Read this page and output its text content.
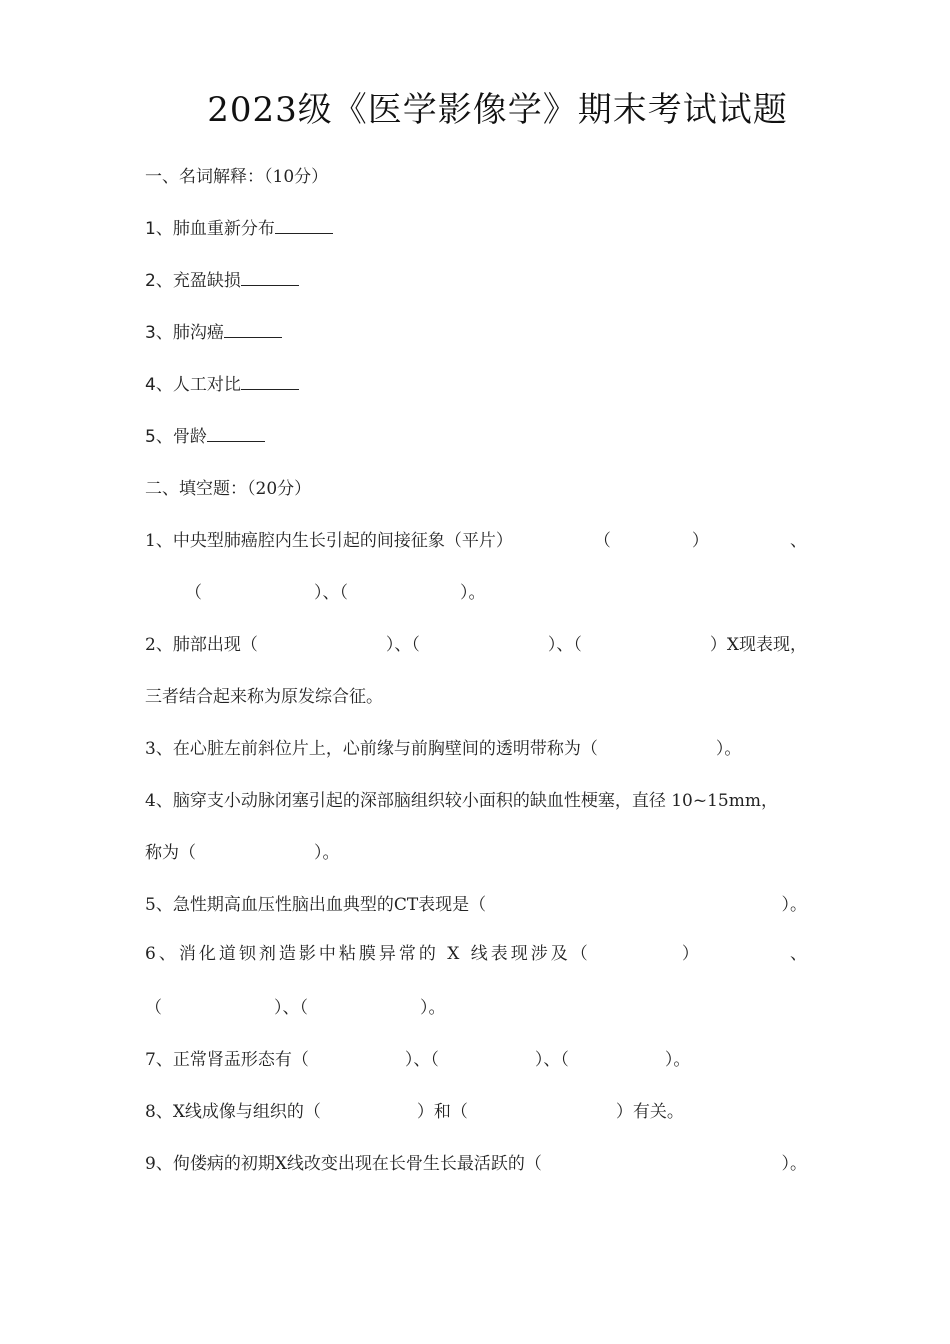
2023级《医学影像学》期末考试试题
一、名词解释：（10分）
1、肺血重新分布
2、充盈缺损
3、肺沟癌
4、人工对比
5、骨龄
二、填空题：（20分）
1、中央型肺癌腔内生长引起的间接征象（平片）	（	）	、
（	）、（	）。
2、肺部出现（	）、（	）、（	）X现表现，
三者结合起来称为原发综合征。
3、在心脏左前斜位片上，心前缘与前胸壁间的透明带称为（	）。
4、脑穿支小动脉闭塞引起的深部脑组织较小面积的缺血性梗塞，直径 10~15mm，
称为（	）。
5、急性期高血压性脑出血典型的CT表现是（	）。
6、消化道钡剂造影中粘膜异常的 X 线表现涉及（	）	、
（	）、（	）。
7、正常肾盂形态有（	）、（	）、（	）。
8、X线成像与组织的（	）和（	）有关。
9、佝偻病的初期X线改变出现在长骨生长最活跃的（	）。
